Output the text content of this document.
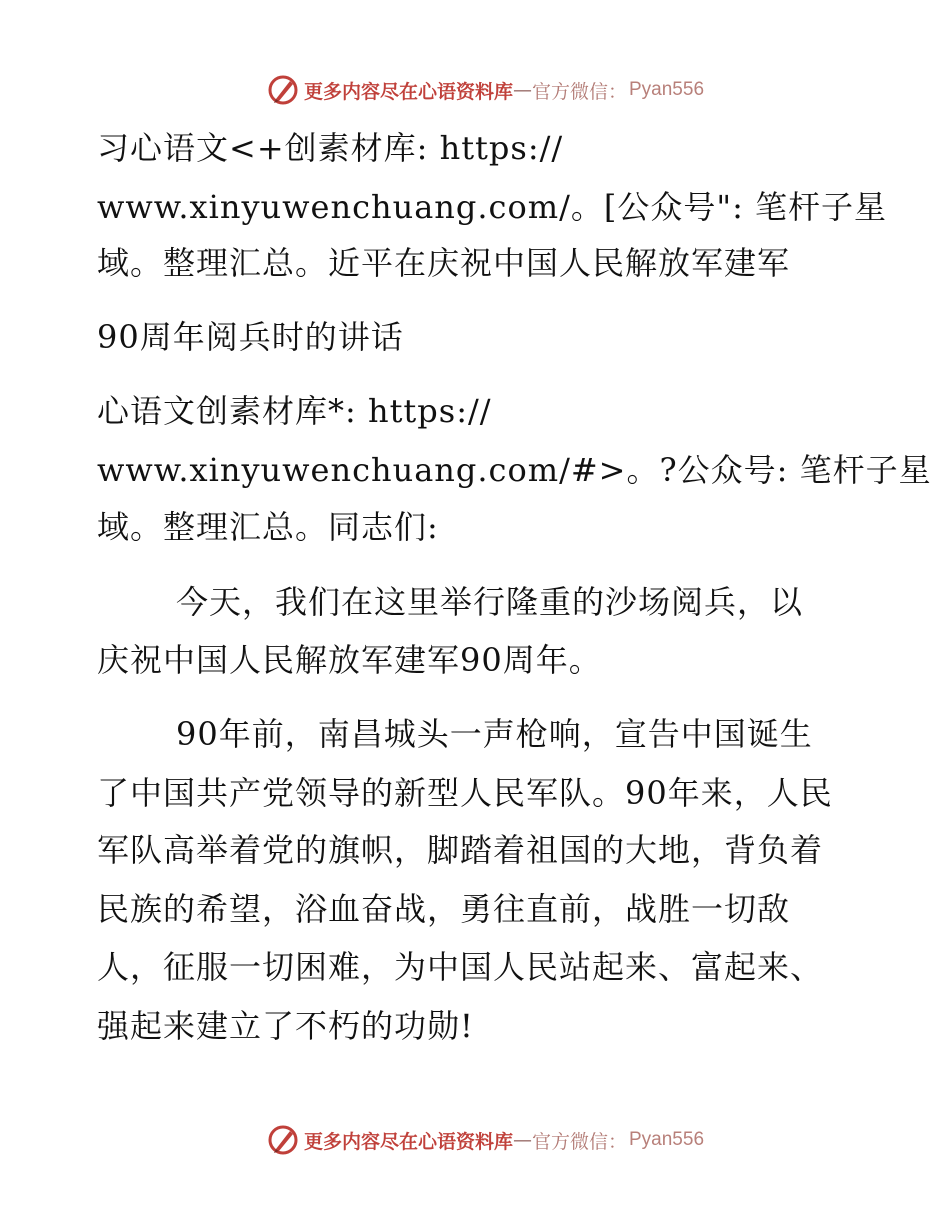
更多内容尽在心语资料库 — 官方微信： Pyan556
习心语文<+创素材库: https://
www.xinyuwenchuang.com/。[公众号": 笔杆子星
域。整理汇总。近平在庆祝中国人民解放军建军
90周年阅兵时的讲话
心语文创素材库*: https://
www.xinyuwenchuang.com/#>。?公众号: 笔杆子星
域。整理汇总。同志们:
今天，我们在这里举行隆重的沙场阅兵，以
庆祝中国人民解放军建军90周年。
90年前，南昌城头一声枪响，宣告中国诞生
了中国共产党领导的新型人民军队。90年来，人民
军队高举着党的旗帜，脚踏着祖国的大地，背负着
民族的希望，浴血奋战，勇往直前，战胜一切敌
人，征服一切困难，为中国人民站起来、富起来、
强起来建立了不朽的功勋!
更多内容尽在心语资料库 — 官方微信： Pyan556
